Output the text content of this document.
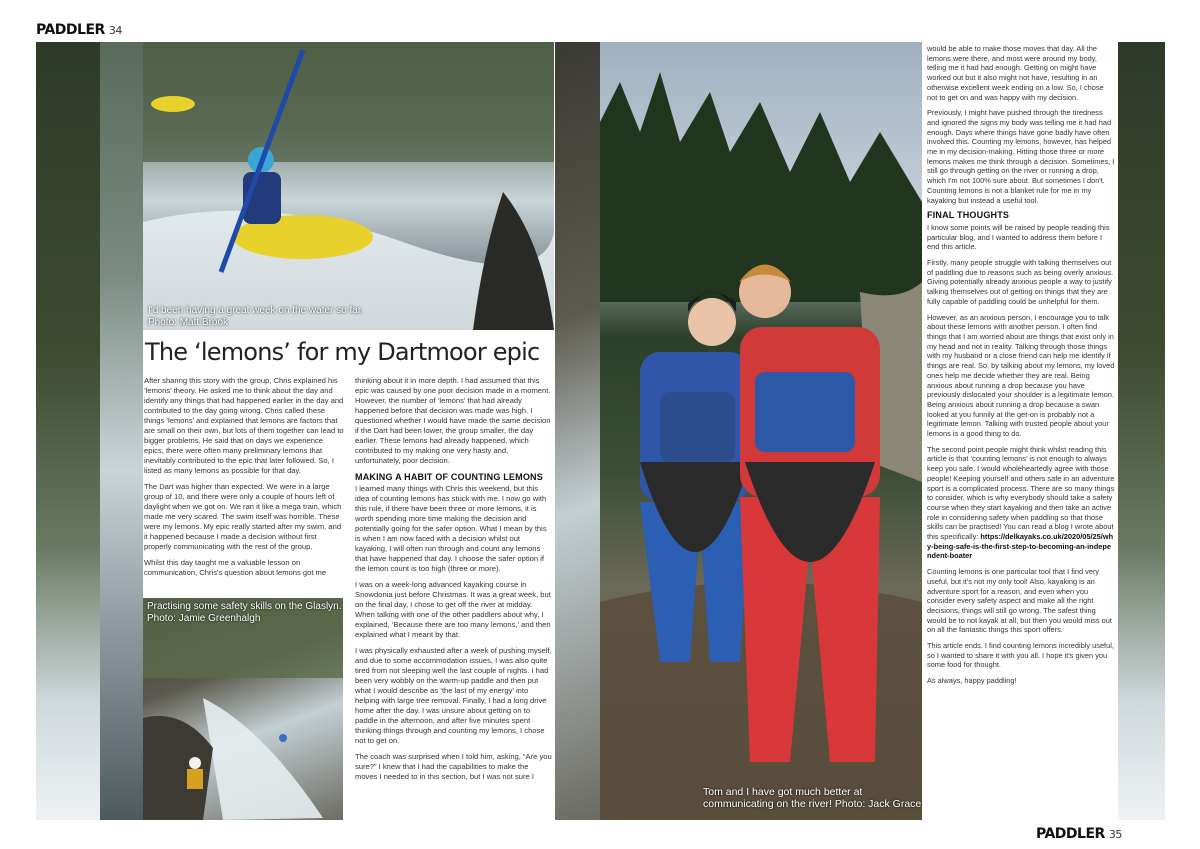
PADDLER 34
I'd been having a great week on the water so far.
Photo: Matt Brook
The ‘lemons’ for my Dartmoor epic

After sharing this story with the group, Chris explained his ‘lemons’ theory. He asked me to think about the day and identify any things that had happened earlier in the day and contributed to the day going wrong. Chris called these things ‘lemons’ and explained that lemons are factors that are small on their own, but lots of them together can lead to bigger problems. He said that on days we experience epics, there were often many preliminary lemons that inevitably contributed to the epic that later followed. So, I listed as many lemons as possible for that day.

The Dart was higher than expected. We were in a large group of 10, and there were only a couple of hours left of daylight when we got on. We ran it like a mega train, which made me very scared. The swim itself was horrible. These were my lemons. My epic really started after my swim, and it happened because I made a decision without first properly communicating with the rest of the group.

Whilst this day taught me a valuable lesson on communication, Chris's question about lemons got me

Practising some safety skills on the Glaslyn.
Photo: Jamie Greenhalgh

thinking about it in more depth. I had assumed that this epic was caused by one poor decision made in a moment. However, the number of ‘lemons’ that had already happened before that decision was made was high. I questioned whether I would have made the same decision if the Dart had been lower, the group smaller, the day earlier. These lemons had already happened, which contributed to my making one very hasty and, unfortunately, poor decision.

MAKING A HABIT OF COUNTING LEMONS

I learned many things with Chris this weekend, but this idea of counting lemons has stuck with me. I now go with this rule, if there have been three or more lemons, it is worth spending more time making the decision and potentially going for the safer option. What I mean by this is when I am now faced with a decision whilst out kayaking, I will often run through and count any lemons that have happened that day. I choose the safer option if the lemon count is too high (three or more).

I was on a week-long advanced kayaking course in Snowdonia just before Christmas. It was a great week, but on the final day, I chose to get off the river at midday. When talking with one of the other paddlers about why, I explained, ‘Because there are too many lemons,’ and then explained what I meant by that.

I was physically exhausted after a week of pushing myself, and due to some accommodation issues, I was also quite tired from not sleeping well the last couple of nights. I had been very wobbly on the warm-up paddle and then put what I would describe as ‘the last of my energy’ into helping with large tree removal. Finally, I had a long drive home after the day. I was unsure about getting on to paddle in the afternoon, and after five minutes spent thinking things through and counting my lemons, I chose not to get on.

The coach was surprised when I told him, asking, “Are you sure?” I knew that I had the capabilities to make the moves I needed to in this section, but I was not sure I

Tom and I have got much better at
communicating on the river! Photo: Jack Grace

would be able to make those moves that day. All the lemons were there, and most were around my body, telling me it had had enough. Getting on might have worked out but it also might not have, resulting in an otherwise excellent week ending on a low. So, I chose not to get on and was happy with my decision.

Previously, I might have pushed through the tiredness and ignored the signs my body was telling me it had had enough. Days where things have gone badly have often involved this. Counting my lemons, however, has helped me in my decision-making. Hitting those three or more lemons makes me think through a decision. Sometimes, I still go through getting on the river or running a drop, which I'm not 100% sure about. But sometimes I don't. Counting lemons is not a blanket rule for me in my kayaking but instead a useful tool.

FINAL THOUGHTS

I know some points will be raised by people reading this particular blog, and I wanted to address them before I end this article.

Firstly, many people struggle with talking themselves out of paddling due to reasons such as being overly anxious. Giving potentially already anxious people a way to justify talking themselves out of getting on things that they are fully capable of paddling could be unhelpful for them.

However, as an anxious person, I encourage you to talk about these lemons with another person. I often find things that I am worried about are things that exist only in my head and not in reality. Talking through those things with my husband or a close friend can help me identify if things are real. So, by talking about my lemons, my loved ones help me decide whether they are real. Being anxious about running a drop because you have previously dislocated your shoulder is a legitimate lemon. Being anxious about running a drop because a swan looked at you funnily at the get-on is probably not a legitimate lemon. Talking with trusted people about your lemons is a good thing to do.

The second point people might think whilst reading this article is that ‘counting lemons’ is not enough to always keep you safe. I would wholeheartedly agree with those people! Keeping yourself and others safe in an adventure sport is a complicated process. There are so many things to consider, which is why everybody should take a safety course when they start kayaking and then take an active role in considering safety when paddling so that those skills can be practised! You can read a blog I wrote about this specifically: https://delkayaks.co.uk/2020/05/25/why-being-safe-is-the-first-step-to-becoming-an-independent-boater

Counting lemons is one particular tool that I find very useful, but it's not my only tool! Also, kayaking is an adventure sport for a reason, and even when you consider every safety aspect and make all the right decisions, things will still go wrong. The safest thing would be to not kayak at all, but then you would miss out on all the fantastic things this sport offers.

This article ends. I find counting lemons incredibly useful, so I wanted to share it with you all. I hope it's given you some food for thought.

As always, happy paddling!

PADDLER 35
